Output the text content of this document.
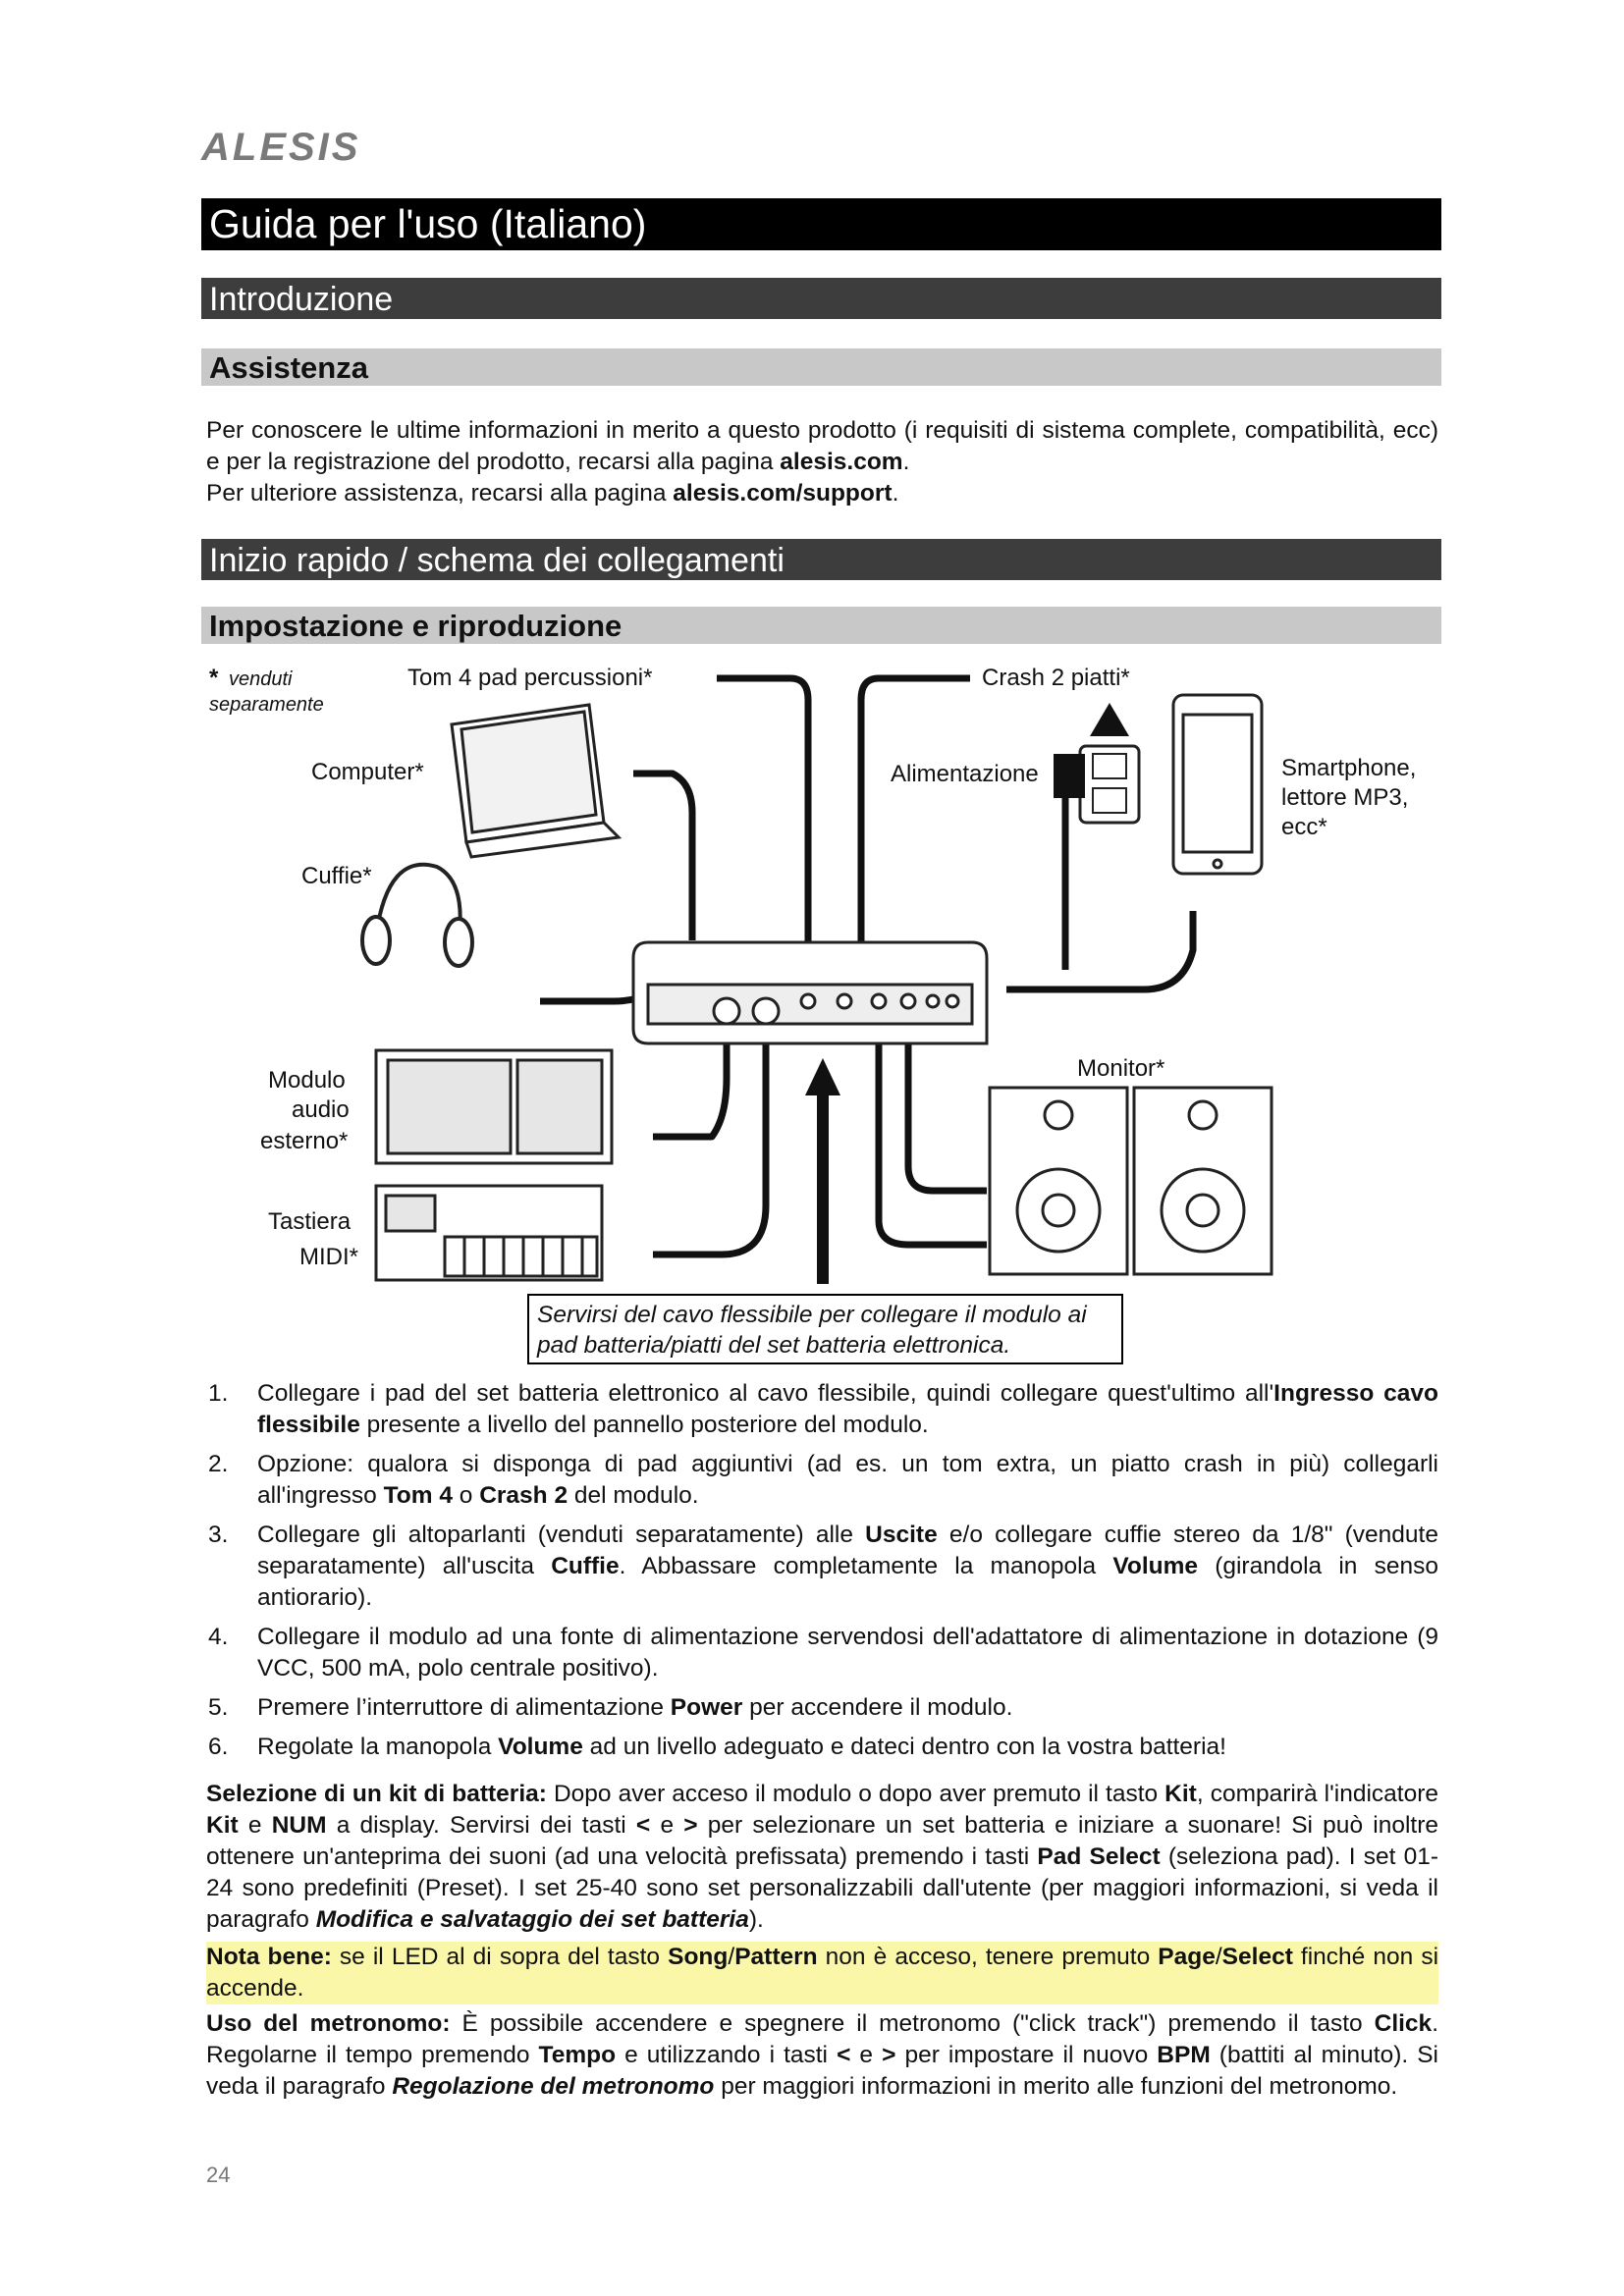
ALESIS
Guida per l'uso (Italiano)
Introduzione
Assistenza
Per conoscere le ultime informazioni in merito a questo prodotto (i requisiti di sistema complete, compatibilità, ecc) e per la registrazione del prodotto, recarsi alla pagina alesis.com.
Per ulteriore assistenza, recarsi alla pagina alesis.com/support.
Inizio rapido / schema dei collegamenti
Impostazione e riproduzione
* venduti
separamente
Tom 4 pad percussioni*	Crash 2 piatti*
Computer*	Alimentazione	Smartphone,
lettore MP3,
ecc*
Cuffie*
Modulo
audio
esterno*
Monitor*
Tastiera
MIDI*
Servirsi del cavo flessibile per collegare il modulo ai pad batteria/piatti del set batteria elettronica.
1. Collegare i pad del set batteria elettronico al cavo flessibile, quindi collegare quest'ultimo all'Ingresso cavo flessibile presente a livello del pannello posteriore del modulo.
2. Opzione: qualora si disponga di pad aggiuntivi (ad es. un tom extra, un piatto crash in più) collegarli all'ingresso Tom 4 o Crash 2 del modulo.
3. Collegare gli altoparlanti (venduti separatamente) alle Uscite e/o collegare cuffie stereo da 1/8" (vendute separatamente) all'uscita Cuffie. Abbassare completamente la manopola Volume (girandola in senso antiorario).
4. Collegare il modulo ad una fonte di alimentazione servendosi dell'adattatore di alimentazione in dotazione (9 VCC, 500 mA, polo centrale positivo).
5. Premere l’interruttore di alimentazione Power per accendere il modulo.
6. Regolate la manopola Volume ad un livello adeguato e dateci dentro con la vostra batteria!
Selezione di un kit di batteria: Dopo aver acceso il modulo o dopo aver premuto il tasto Kit, comparirà l'indicatore Kit e NUM a display. Servirsi dei tasti < e > per selezionare un set batteria e iniziare a suonare! Si può inoltre ottenere un'anteprima dei suoni (ad una velocità prefissata) premendo i tasti Pad Select (seleziona pad). I set 01-24 sono predefiniti (Preset). I set 25-40 sono set personalizzabili dall'utente (per maggiori informazioni, si veda il paragrafo Modifica e salvataggio dei set batteria).
Nota bene: se il LED al di sopra del tasto Song/Pattern non è acceso, tenere premuto Page/Select finché non si accende.
Uso del metronomo: È possibile accendere e spegnere il metronomo ("click track") premendo il tasto Click. Regolarne il tempo premendo Tempo e utilizzando i tasti < e > per impostare il nuovo BPM (battiti al minuto). Si veda il paragrafo Regolazione del metronomo per maggiori informazioni in merito alle funzioni del metronomo.
24
